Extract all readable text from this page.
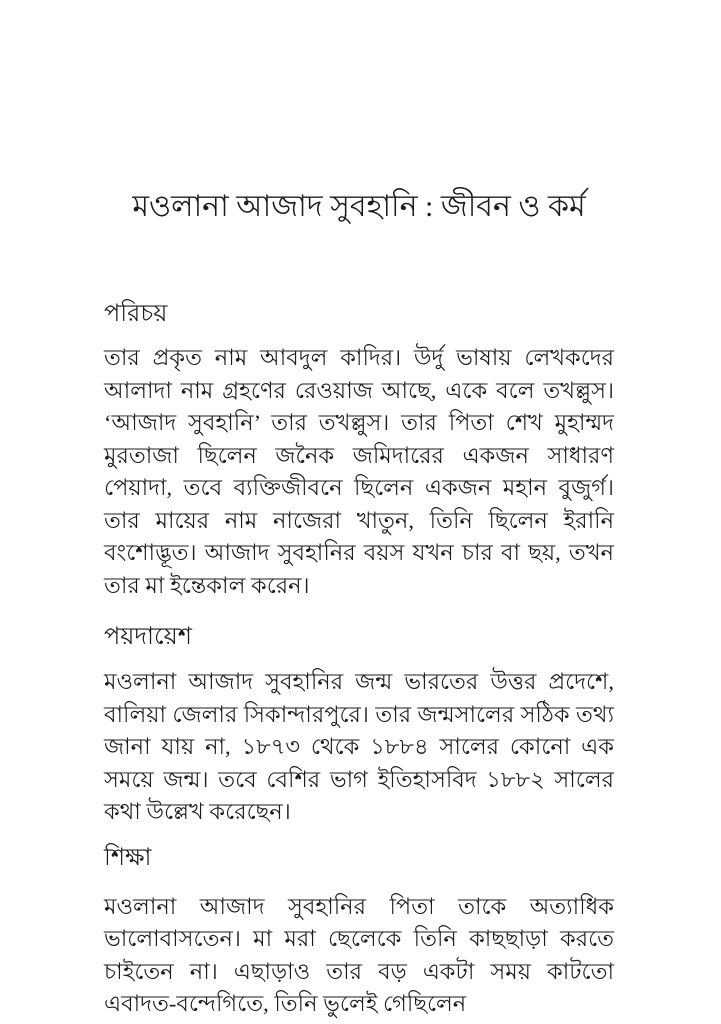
মওলানা আজাদ সুবহানি : জীবন ও কর্ম
পরিচয়

তার প্রকৃত নাম আবদুল কাদির। উর্দু ভাষায় লেখকদের আলাদা নাম গ্রহণের রেওয়াজ আছে, একে বলে তখল্লুস। ‘আজাদ সুবহানি’ তার তখল্লুস। তার পিতা শেখ মুহাম্মদ মুরতাজা ছিলেন জনৈক জমিদারের একজন সাধারণ পেয়াদা, তবে ব্যক্তিজীবনে ছিলেন একজন মহান বুজুর্গ। তার মায়ের নাম নাজেরা খাতুন, তিনি ছিলেন ইরানি বংশোদ্ভূত। আজাদ সুবহানির বয়স যখন চার বা ছয়, তখন তার মা ইন্তেকাল করেন।

পয়দায়েশ

মওলানা আজাদ সুবহানির জন্ম ভারতের উত্তর প্রদেশে, বালিয়া জেলার সিকান্দারপুরে। তার জন্মসালের সঠিক তথ্য জানা যায় না, ১৮৭৩ থেকে ১৮৮৪ সালের কোনো এক সময়ে জন্ম। তবে বেশির ভাগ ইতিহাসবিদ ১৮৮২ সালের কথা উল্লেখ করেছেন।

শিক্ষা

মওলানা আজাদ সুবহানির পিতা তাকে অত্যাধিক ভালোবাসতেন। মা মরা ছেলেকে তিনি কাছছাড়া করতে চাইতেন না। এছাড়াও তার বড় একটা সময় কাটতো এবাদত-বন্দেগিতে, তিনি ভুলেই গেছিলেন
